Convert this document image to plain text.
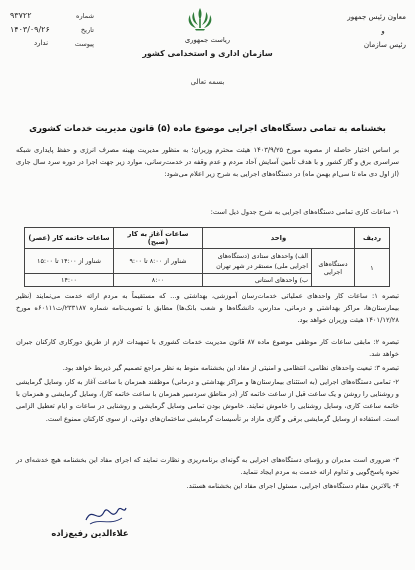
شماره
۹۳۷۲۲
تاریخ
۱۴۰۳/۰۹/۲۶
پیوست
ندارد	ریاست جمهوری
سازمان اداری و استخدامی کشور
معاون رئیس جمهور
و
رئیس سازمان
بسمه تعالی
بخشنامه به تمامی دستگاه‌های اجرایی موضوع ماده (۵) قانون مدیریت خدمات کشوری
بر اساس اختیار حاصله از مصوبه مورخ ۱۴۰۳/۹/۲۵ هیئت محترم وزیران؛ به منظور مدیریت بهینه مصرف انرژی و حفظ پایداری شبکه سراسری برق و گاز کشور و با هدف تأمین آسایش آحاد مردم و عدم وقفه در خدمت‌رسانی، موارد زیر جهت اجرا در دوره سرد سال جاری (از اول دی ماه تا سی‌ام بهمن ماه) در دستگاه‌های اجرایی به شرح زیر اعلام می‌شود:
۱- ساعات کاری تمامی دستگاه‌های اجرایی به شرح جدول ذیل است:
ردیف	واحد		ساعات آغاز به کار (صبح)	ساعات خاتمه کار (عصر)
۱	دستگاه‌های اجرایی	الف) واحدهای ستادی (دستگاه‌های اجرایی ملی) مستقر در شهر تهران	شناور از ۸:۰۰ تا ۹:۰۰	شناور از ۱۴:۰۰ تا ۱۵:۰۰
		ب) واحدهای استانی	۸:۰۰	۱۴:۰۰
تبصره ۱: ساعات کار واحدهای عملیاتی خدمات‌رسان آموزشی، بهداشتی و... که مستقیماً به مردم ارائه خدمت می‌نمایند (نظیر بیمارستان‌ها، مراکز بهداشتی و درمانی، مدارس، دانشگاه‌ها و شعب بانک‌ها) مطابق با تصویب‌نامه شماره ۲۳۳۱۸۷/ت۶۰۱۱۱ه مورخ ۱۴۰۱/۱۲/۲۸ هیئت وزیران خواهد بود.
تبصره ۲: مابقی ساعات کار موظفی موضوع ماده ۸۷ قانون مدیریت خدمات کشوری با تمهیدات لازم از طریق دورکاری کارکنان جبران خواهد شد.
تبصره ۳: تبعیت واحدهای نظامی، انتظامی و امنیتی از مفاد این بخشنامه منوط به نظر مراجع تصمیم گیر ذیربط خواهد بود.
۲- تمامی دستگاه‌های اجرایی (به استثنای بیمارستان‌ها و مراکز بهداشتی و درمانی) موظفند همزمان با ساعت آغاز به کار، وسایل گرمایشی و روشنایی را روشن و یک ساعت قبل از ساعت خاتمه کار (در مناطق سردسیر همزمان با ساعت خاتمه کار)، وسایل گرمایشی و همزمان با خاتمه ساعت کاری، وسایل روشنایی را خاموش نمایند. خاموش بودن تمامی وسایل گرمایشی و روشنایی در ساعات و ایام تعطیل الزامی است. استفاده از وسایل گرمایشی برقی و گازی مازاد بر تأسیسات گرمایشی ساختمان‌های دولتی، از سوی کارکنان ممنوع است.
۳- ضروری است مدیران و رؤسای دستگاه‌های اجرایی به گونه‌ای برنامه‌ریزی و نظارت نمایند که اجرای مفاد این بخشنامه هیچ خدشه‌ای در نحوه پاسخ‌گویی و تداوم ارائه خدمت به مردم ایجاد ننماید.
۴- بالاترین مقام دستگاه‌های اجرایی، مسئول اجرای مفاد این بخشنامه هستند.
علاءالدین رفیع‌زاده
